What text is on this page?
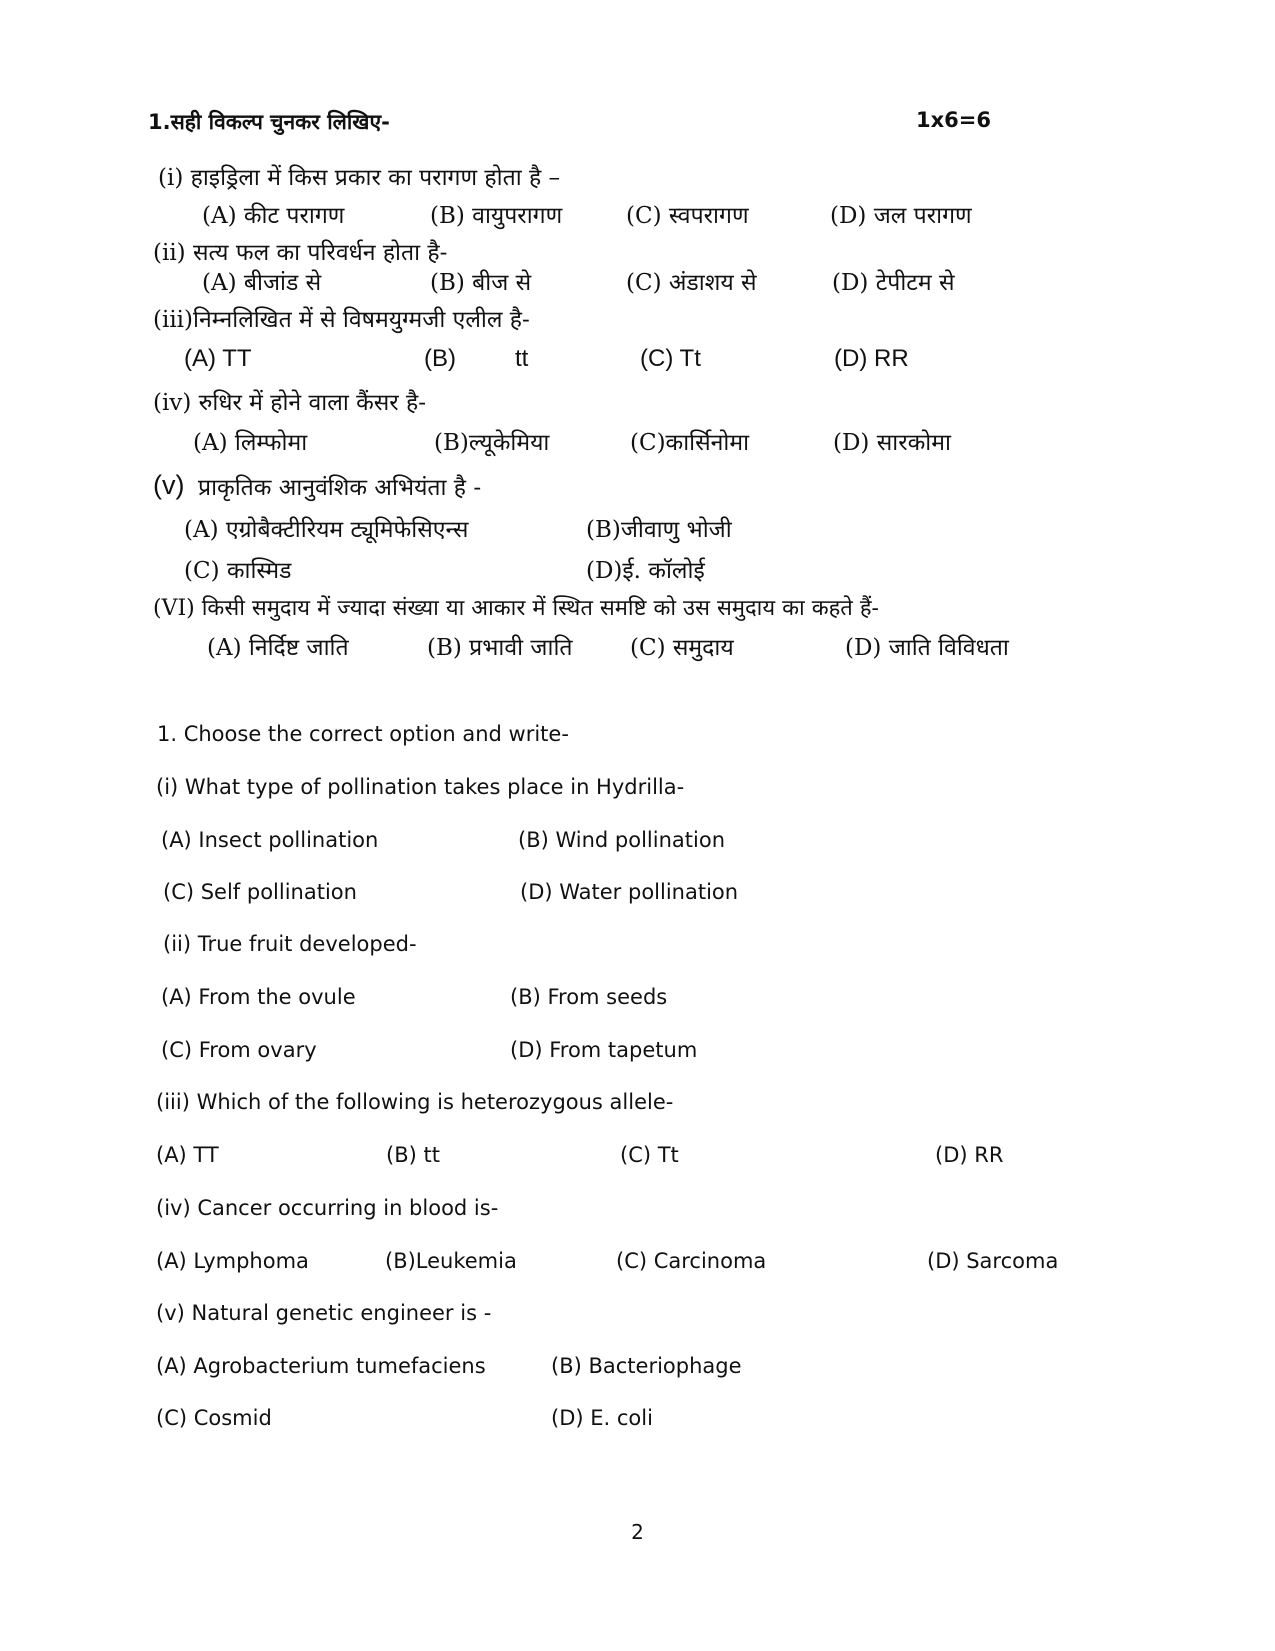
1.सही विकल्प चुनकर लिखिए-	1x6=6
(i) हाइड्रिला में किस प्रकार का परागण होता है –
(A) कीट परागण	(B) वायुपरागण	(C) स्वपरागण	(D) जल परागण
(ii) सत्य फल का परिवर्धन होता है-
(A) बीजांड से	(B) बीज से	(C) अंडाशय से	(D) टेपीटम से
(iii)निम्नलिखित में से विषमयुग्मजी एलील है-
(A) TT	(B) tt	(C) Tt	(D) RR
(iv) रुधिर में होने वाला कैंसर है-
(A) लिम्फोमा	(B)ल्यूकेमिया	(C)कार्सिनोमा	(D) सारकोमा
(v) प्राकृतिक आनुवंशिक अभियंता है -
(A) एग्रोबैक्टीरियम ट्यूमिफेसिएन्स	(B)जीवाणु भोजी
(C) कास्मिड	(D)ई. कॉलोई
(VI) किसी समुदाय में ज्यादा संख्या या आकार में स्थित समष्टि को उस समुदाय का कहते हैं-
(A) निर्दिष्ट जाति	(B) प्रभावी जाति (C) समुदाय	(D) जाति विविधता
1. Choose the correct option and write-
(i) What type of pollination takes place in Hydrilla-
(A) Insect pollination	(B) Wind pollination
(C) Self pollination	(D) Water pollination
(ii) True fruit developed-
(A) From the ovule	(B) From seeds
(C) From ovary	(D) From tapetum
(iii) Which of the following is heterozygous allele-
(A) TT	(B) tt	(C) Tt	(D) RR
(iv) Cancer occurring in blood is-
(A) Lymphoma	(B)Leukemia	(C) Carcinoma	(D) Sarcoma
(v) Natural genetic engineer is -
(A) Agrobacterium tumefaciens	(B) Bacteriophage
(C) Cosmid	(D) E. coli
2
